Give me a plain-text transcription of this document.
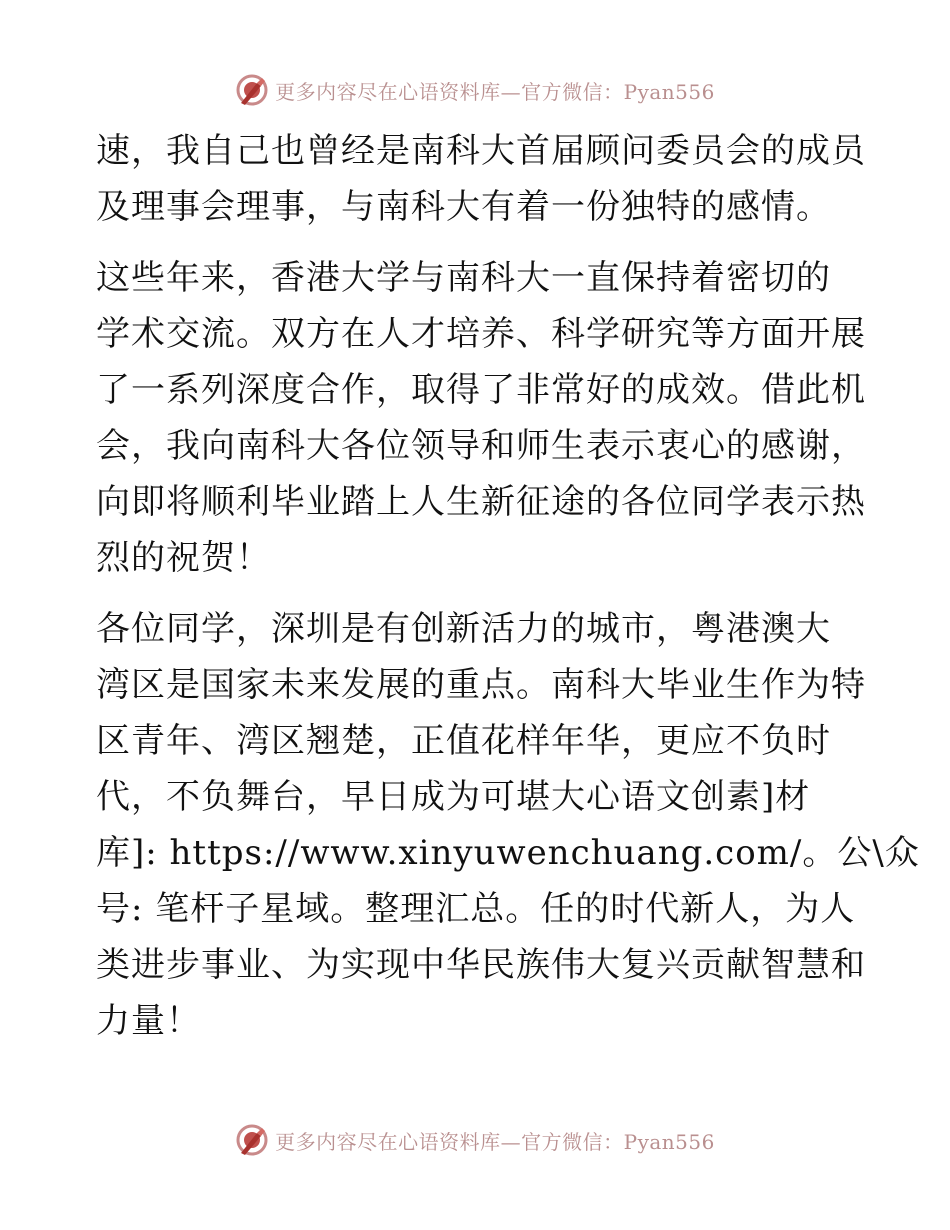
更多内容尽在心语资料库—官方微信：Pyan556
速，我自己也曾经是南科大首届顾问委员会的成员
及理事会理事，与南科大有着一份独特的感情。
这些年来，香港大学与南科大一直保持着密切的
学术交流。双方在人才培养、科学研究等方面开展
了一系列深度合作，取得了非常好的成效。借此机
会，我向南科大各位领导和师生表示衷心的感谢，
向即将顺利毕业踏上人生新征途的各位同学表示热
烈的祝贺！
各位同学，深圳是有创新活力的城市，粤港澳大
湾区是国家未来发展的重点。南科大毕业生作为特
区青年、湾区翘楚，正值花样年华，更应不负时
代，不负舞台，早日成为可堪大心语文创素]材
库]: https://www.xinyuwenchuang.com/。公\众
号: 笔杆子星域。整理汇总。任的时代新人，为人
类进步事业、为实现中华民族伟大复兴贡献智慧和
力量！
更多内容尽在心语资料库—官方微信：Pyan556
